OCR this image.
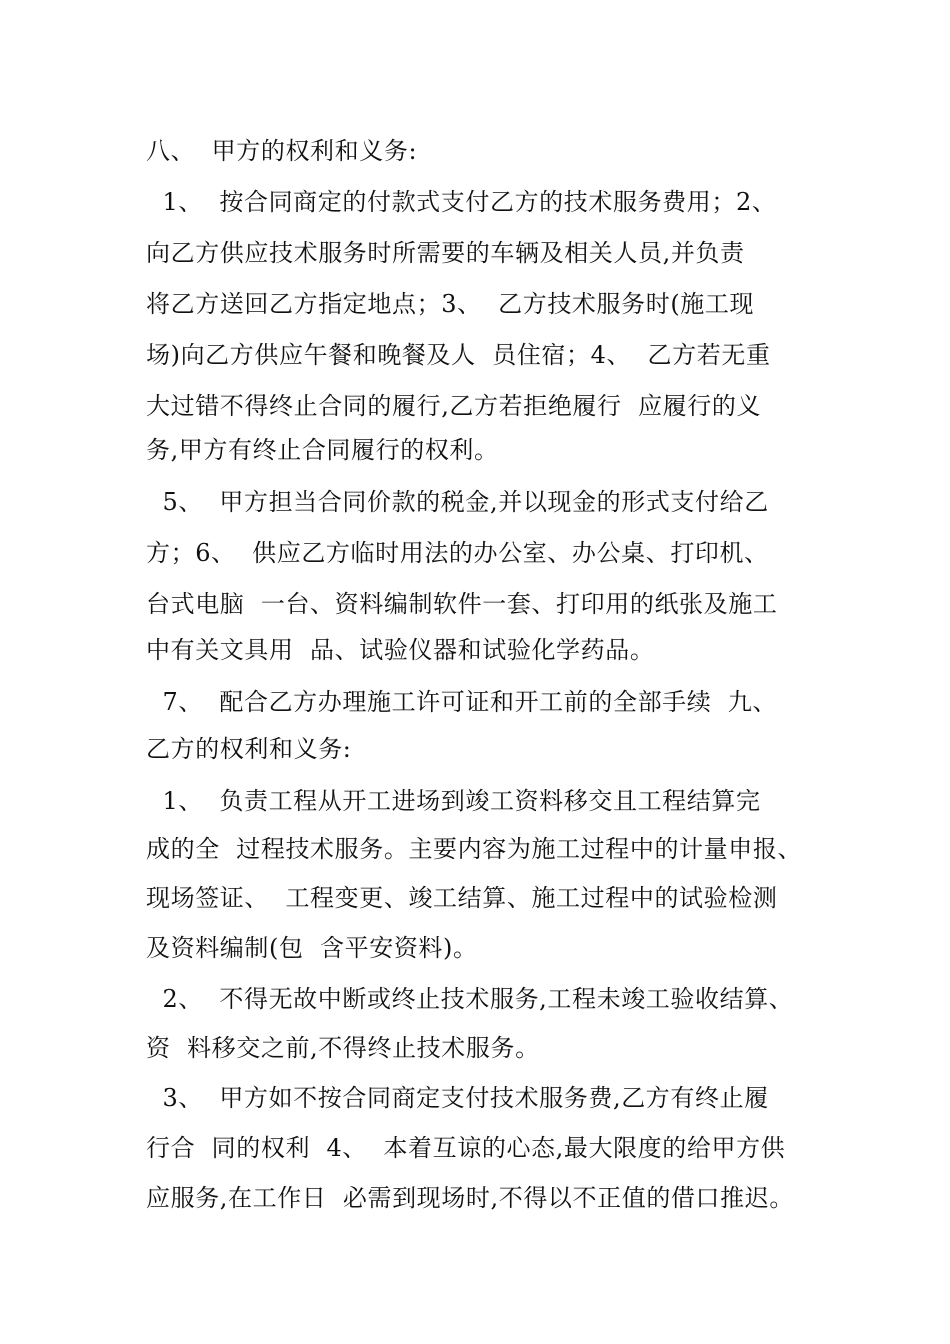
八、  甲方的权利和义务:
1、  按合同商定的付款式支付乙方的技术服务费用；2、
向乙方供应技术服务时所需要的车辆及相关人员,并负责
将乙方送回乙方指定地点；3、  乙方技术服务时(施工现
场)向乙方供应午餐和晚餐及人  员住宿；4、  乙方若无重
大过错不得终止合同的履行,乙方若拒绝履行  应履行的义
务,甲方有终止合同履行的权利。
5、  甲方担当合同价款的税金,并以现金的形式支付给乙
方；6、  供应乙方临时用法的办公室、办公桌、打印机、
台式电脑  一台、资料编制软件一套、打印用的纸张及施工
中有关文具用  品、试验仪器和试验化学药品。
7、  配合乙方办理施工许可证和开工前的全部手续  九、
乙方的权利和义务:
1、  负责工程从开工进场到竣工资料移交且工程结算完
成的全  过程技术服务。主要内容为施工过程中的计量申报、
现场签证、  工程变更、竣工结算、施工过程中的试验检测
及资料编制(包  含平安资料)。
2、  不得无故中断或终止技术服务,工程未竣工验收结算、
资  料移交之前,不得终止技术服务。
3、  甲方如不按合同商定支付技术服务费,乙方有终止履
行合  同的权利  4、  本着互谅的心态,最大限度的给甲方供
应服务,在工作日  必需到现场时,不得以不正值的借口推迟。
